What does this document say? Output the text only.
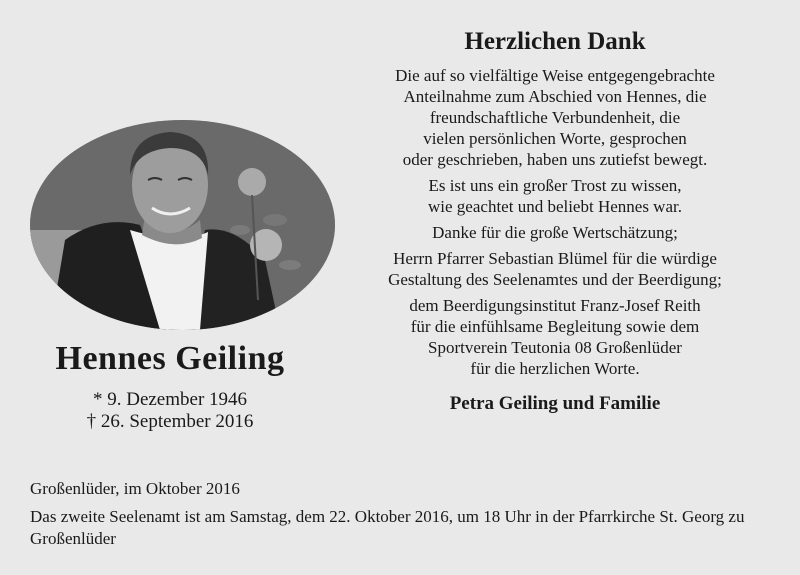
Hennes Geiling
* 9. Dezember 1946
† 26. September 2016
Herzlichen Dank
Die auf so vielfältige Weise entgegengebrachte
Anteilnahme zum Abschied von Hennes, die
freundschaftliche Verbundenheit, die
vielen persönlichen Worte, gesprochen
oder geschrieben, haben uns zutiefst bewegt.
Es ist uns ein großer Trost zu wissen,
wie geachtet und beliebt Hennes war.
Danke für die große Wertschätzung;
Herrn Pfarrer Sebastian Blümel für die würdige
Gestaltung des Seelenamtes und der Beerdigung;
dem Beerdigungsinstitut Franz-Josef Reith
für die einfühlsame Begleitung sowie dem
Sportverein Teutonia 08 Großenlüder
für die herzlichen Worte.
Petra Geiling und Familie
Großenlüder, im Oktober 2016
Das zweite Seelenamt ist am Samstag, dem 22. Oktober 2016, um 18 Uhr in der Pfarrkirche St. Georg zu Großenlüder
